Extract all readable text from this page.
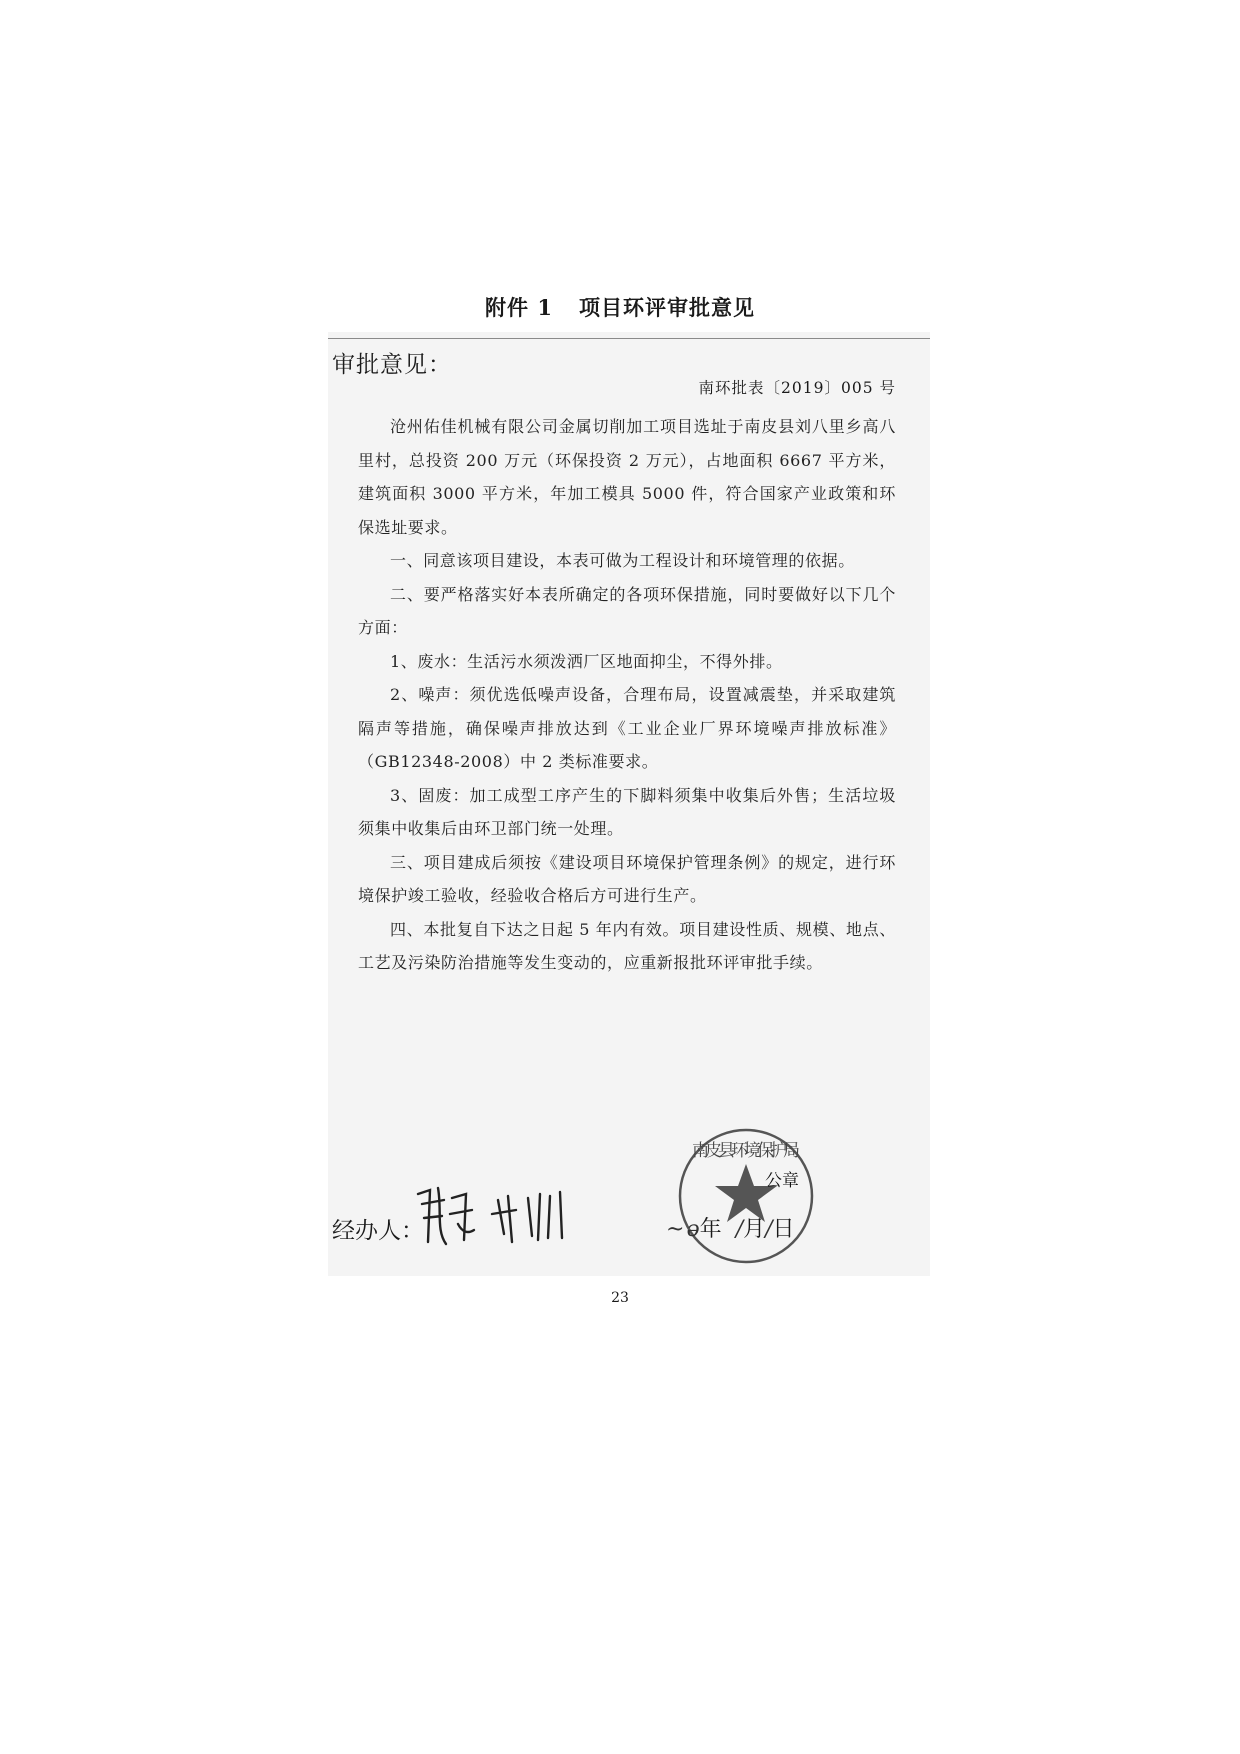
附件 1 项目环评审批意见
审批意见：
南环批表〔2019〕005 号

沧州佑佳机械有限公司金属切削加工项目选址于南皮县刘八里乡高八里村，总投资 200 万元（环保投资 2 万元），占地面积 6667 平方米，建筑面积 3000 平方米，年加工模具 5000 件，符合国家产业政策和环保选址要求。

一、同意该项目建设，本表可做为工程设计和环境管理的依据。

二、要严格落实好本表所确定的各项环保措施，同时要做好以下几个方面：

1、废水：生活污水须泼洒厂区地面抑尘，不得外排。

2、噪声：须优选低噪声设备，合理布局，设置减震垫，并采取建筑隔声等措施，确保噪声排放达到《工业企业厂界环境噪声排放标准》（GB12348-2008）中 2 类标准要求。

3、固废：加工成型工序产生的下脚料须集中收集后外售；生活垃圾须集中收集后由环卫部门统一处理。

三、项目建成后须按《建设项目环境保护管理条例》的规定，进行环境保护竣工验收，经验收合格后方可进行生产。

四、本批复自下达之日起 5 年内有效。项目建设性质、规模、地点、工艺及污染防治措施等发生变动的，应重新报批环评审批手续。

南皮县环境保护局
公章
经办人：	~  ǝ年 /月/日
23
